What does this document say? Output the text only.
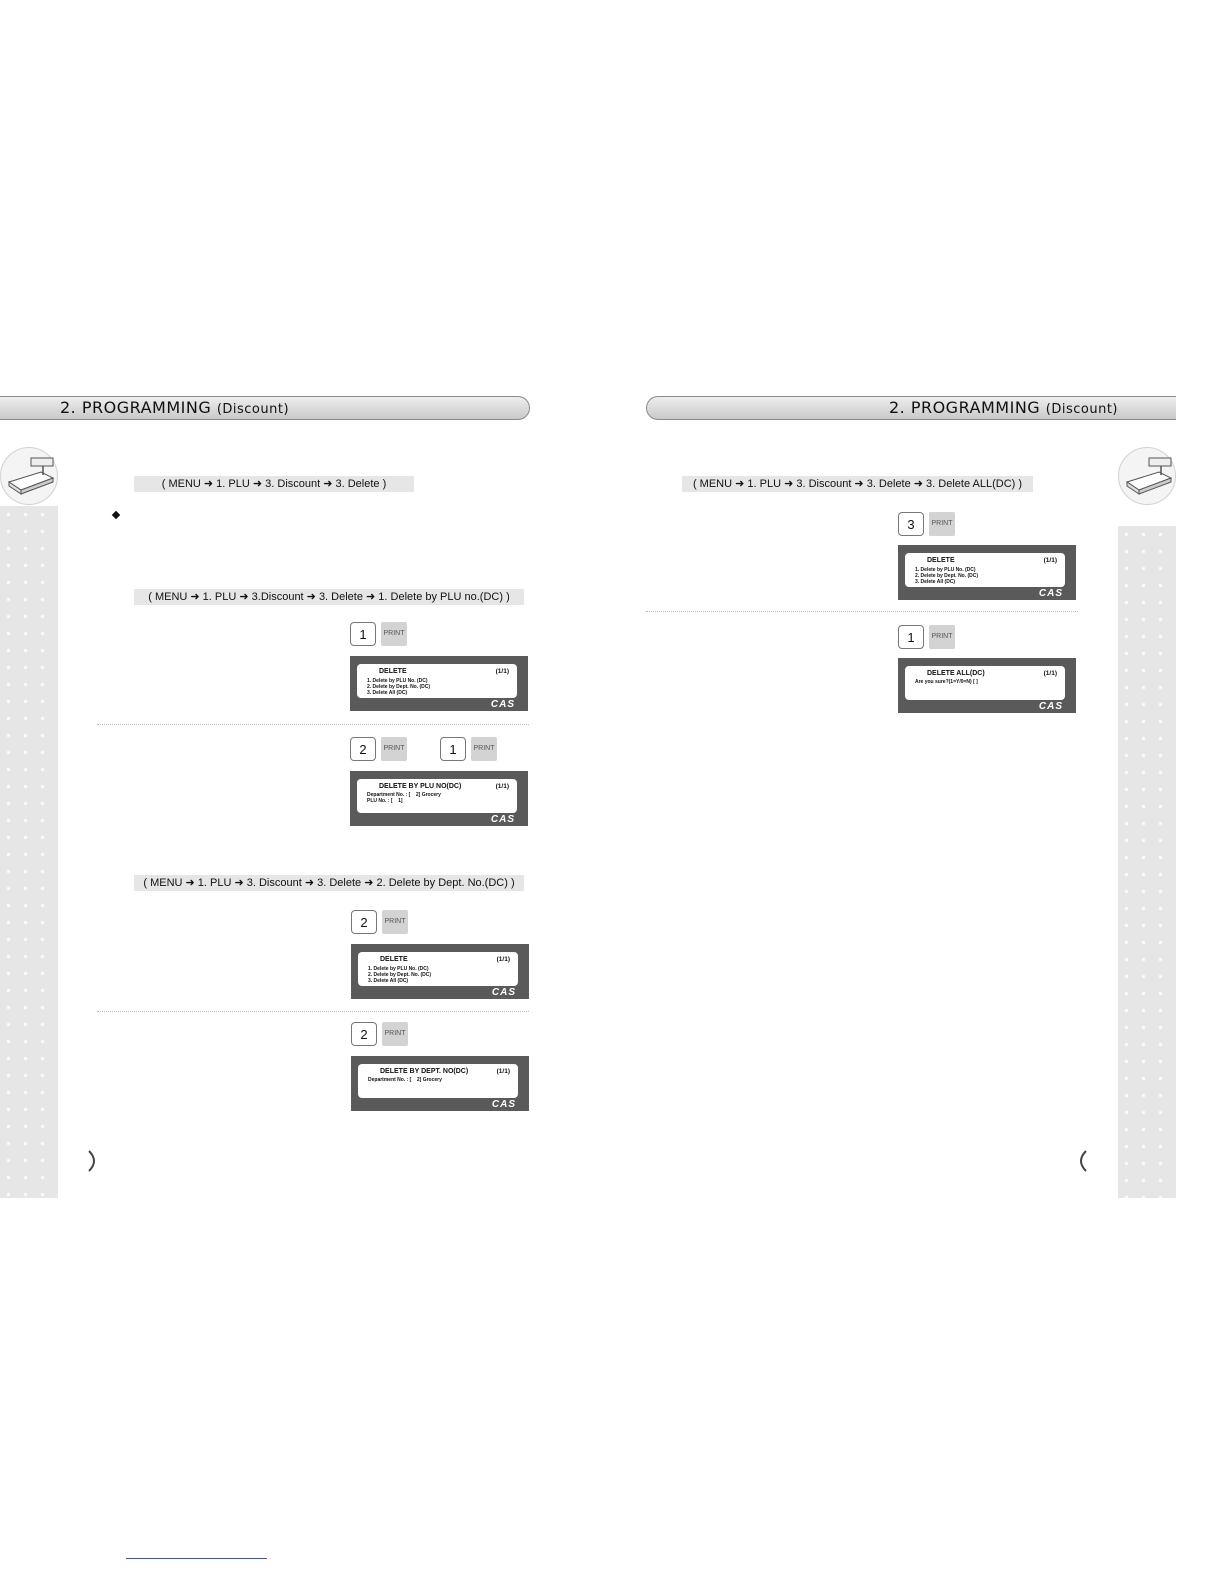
2. PROGRAMMING (Discount)
( MENU ➜ 1. PLU ➜ 3. Discount ➜ 3. Delete )
( MENU ➜ 1. PLU ➜ 3.Discount ➜ 3. Delete ➜ 1. Delete by PLU no.(DC) )
1	PRINT
DELETE	(1/1)
1. Delete by PLU No. (DC)
2. Delete by Dept. No. (DC)
3. Delete All (DC)
CAS
2	PRINT	1	PRINT
DELETE BY PLU NO(DC)	(1/1)
Department No. : [    2] Grocery
PLU No. : [    1]
CAS
( MENU ➜ 1. PLU ➜ 3. Discount ➜ 3. Delete ➜ 2. Delete by Dept. No.(DC) )
2	PRINT
DELETE	(1/1)
1. Delete by PLU No. (DC)
2. Delete by Dept. No. (DC)
3. Delete All (DC)
CAS
2	PRINT
DELETE BY DEPT. NO(DC)	(1/1)
Department No. : [    2] Grocery
CAS
2. PROGRAMMING (Discount)
( MENU ➜ 1. PLU ➜ 3. Discount ➜ 3. Delete ➜ 3. Delete ALL(DC) )
3	PRINT
DELETE	(1/1)
1. Delete by PLU No. (DC)
2. Delete by Dept. No. (DC)
3. Delete All (DC)
CAS
1	PRINT
DELETE ALL(DC)	(1/1)
Are you sure?(1=Y/0=N) [ ]
CAS
